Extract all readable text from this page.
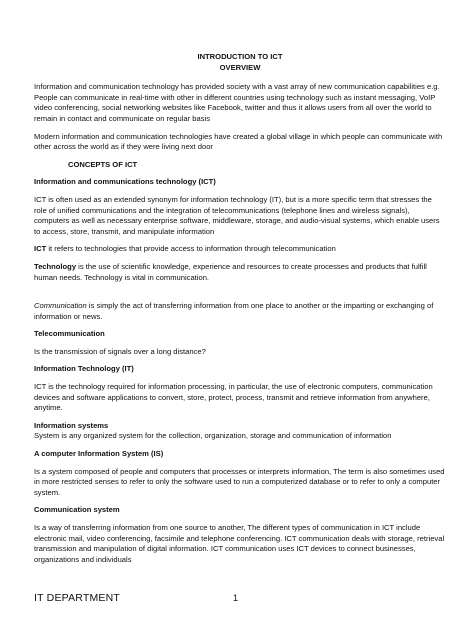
INTRODUCTION TO ICT
OVERVIEW

Information and communication technology has provided society with a vast array of new communication capabilities e.g. People can communicate in real-time with other in different countries using technology such as instant messaging, VoIP video conferencing, social networking websites like Facebook, twitter and thus it allows users from all over the world to remain in contact and communicate on regular basis

Modern information and communication technologies have created a global village in which people can communicate with other across the world as if they were living next door

CONCEPTS OF ICT

Information and communications technology (ICT)

ICT is often used as an extended synonym for information technology (IT), but is a more specific term that stresses the role of unified communications and the integration of telecommunications (telephone lines and wireless signals), computers as well as necessary enterprise software, middleware, storage, and audio-visual systems, which enable users to access, store, transmit, and manipulate information

ICT it refers to technologies that provide access to information through telecommunication

Technology is the use of scientific knowledge, experience and resources to create processes and products that fulfill human needs. Technology is vital in communication.

Communication is simply the act of transferring information from one place to another or the imparting or exchanging of information or news.

Telecommunication

Is the transmission of signals over a long distance?

Information Technology (IT)

ICT is the technology required for information processing, in particular, the use of electronic computers, communication devices and software applications to convert, store, protect, process, transmit and retrieve information from anywhere, anytime.

Information systems

System is any organized system for the collection, organization, storage and communication of information

A computer Information System (IS)

Is a system composed of people and computers that processes or interprets information, The term is also sometimes used in more restricted senses to refer to only the software used to run a computerized database or to refer to only a computer system.

Communication system

Is a way of transferring information from one source to another, The different types of communication in ICT include electronic mail, video conferencing, facsimile and telephone conferencing. ICT communication deals with storage, retrieval transmission and manipulation of digital information. ICT communication uses ICT devices to connect businesses, organizations and individuals

IT DEPARTMENT	1
